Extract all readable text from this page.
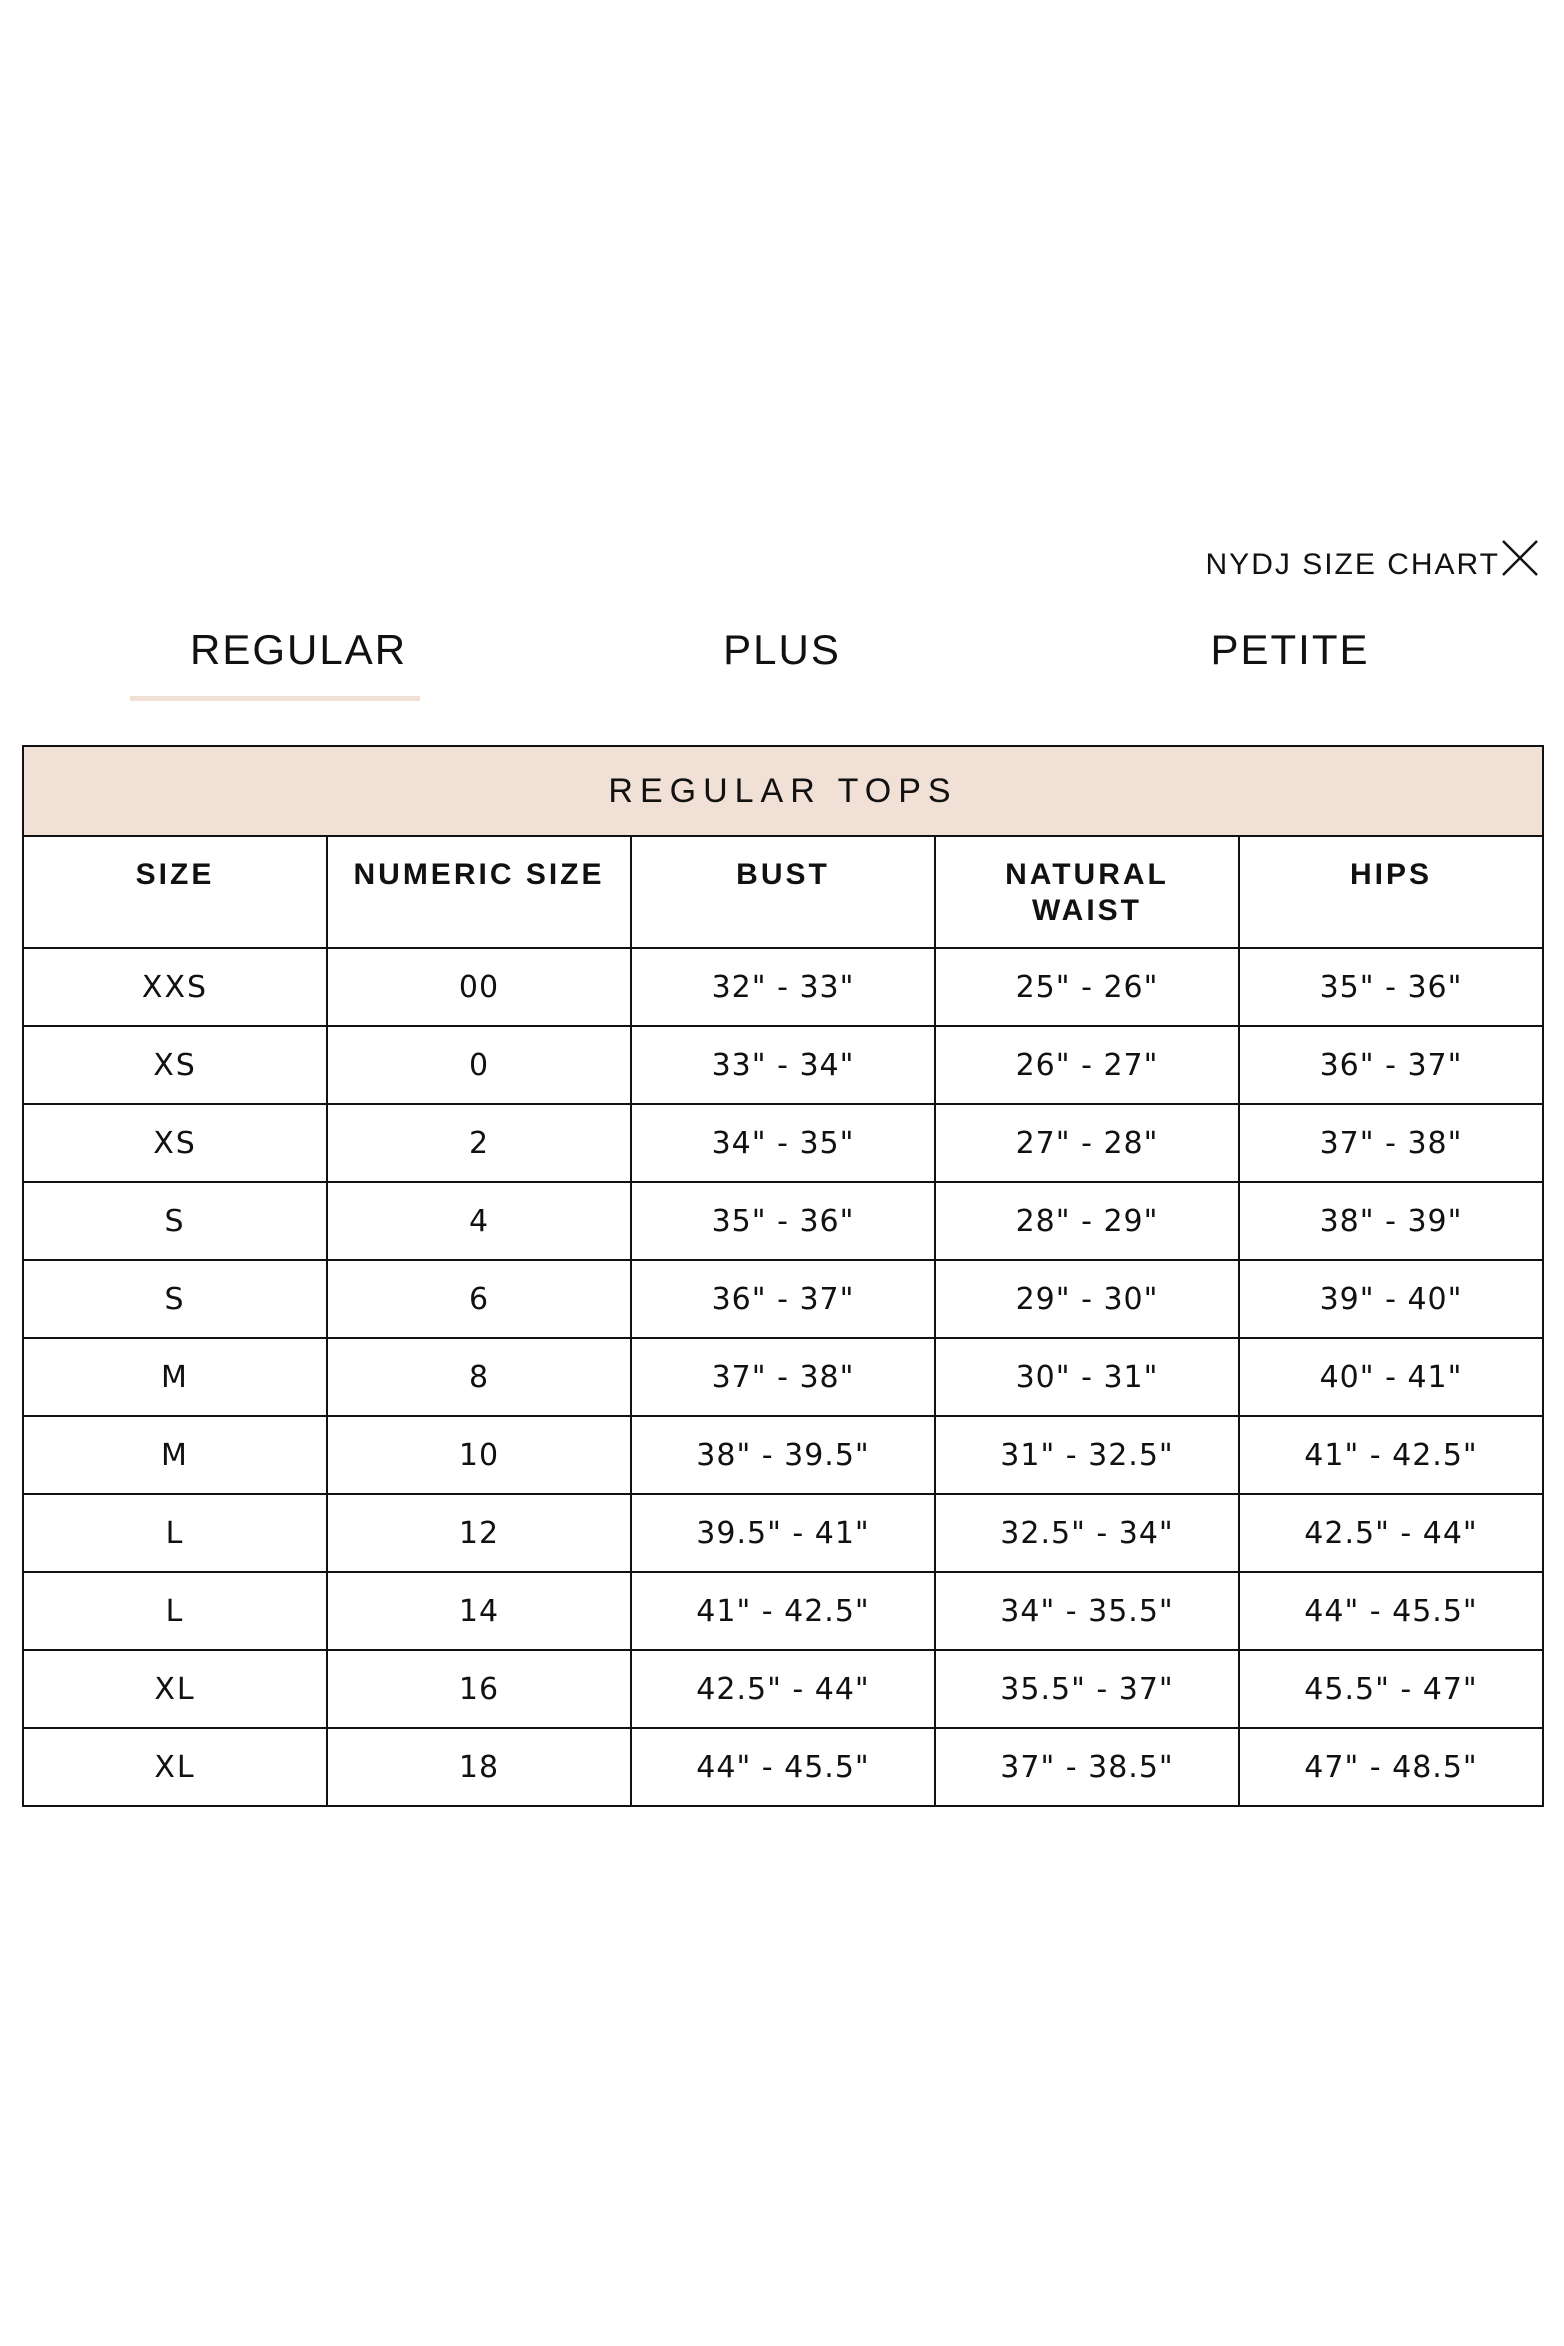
NYDJ SIZE CHART
REGULAR	PLUS	PETITE
REGULAR TOPS				
SIZE	NUMERIC SIZE	BUST	NATURAL WAIST	HIPS
XXS	00	32" - 33"	25" - 26"	35" - 36"
XS	0	33" - 34"	26" - 27"	36" - 37"
XS	2	34" - 35"	27" - 28"	37" - 38"
S	4	35" - 36"	28" - 29"	38" - 39"
S	6	36" - 37"	29" - 30"	39" - 40"
M	8	37" - 38"	30" - 31"	40" - 41"
M	10	38" - 39.5"	31" - 32.5"	41" - 42.5"
L	12	39.5" - 41"	32.5" - 34"	42.5" - 44"
L	14	41" - 42.5"	34" - 35.5"	44" - 45.5"
XL	16	42.5" - 44"	35.5" - 37"	45.5" - 47"
XL	18	44" - 45.5"	37" - 38.5"	47" - 48.5"
